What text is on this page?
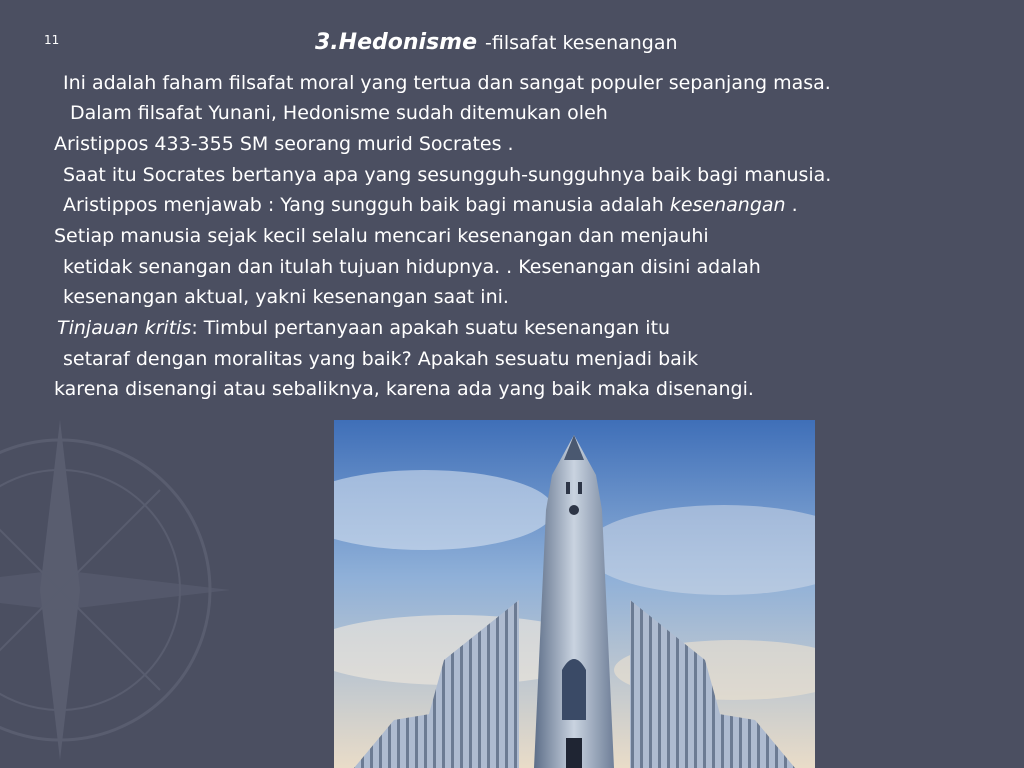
11	3.Hedonisme -filsafat kesenangan
Ini adalah faham filsafat moral yang tertua dan sangat populer sepanjang masa.
Dalam filsafat Yunani, Hedonisme sudah ditemukan oleh
Aristippos 433-355 SM seorang murid Socrates .
Saat itu Socrates bertanya apa yang sesungguh-sungguhnya baik bagi manusia.
Aristippos menjawab : Yang sungguh baik bagi manusia adalah kesenangan .
Setiap manusia sejak kecil selalu mencari kesenangan dan menjauhi
ketidak senangan dan itulah tujuan hidupnya. . Kesenangan disini adalah
kesenangan aktual, yakni kesenangan saat ini.
Tinjauan kritis: Timbul pertanyaan apakah suatu kesenangan itu
setaraf dengan moralitas yang baik? Apakah sesuatu menjadi baik
karena disenangi atau sebaliknya, karena ada yang baik maka disenangi.
